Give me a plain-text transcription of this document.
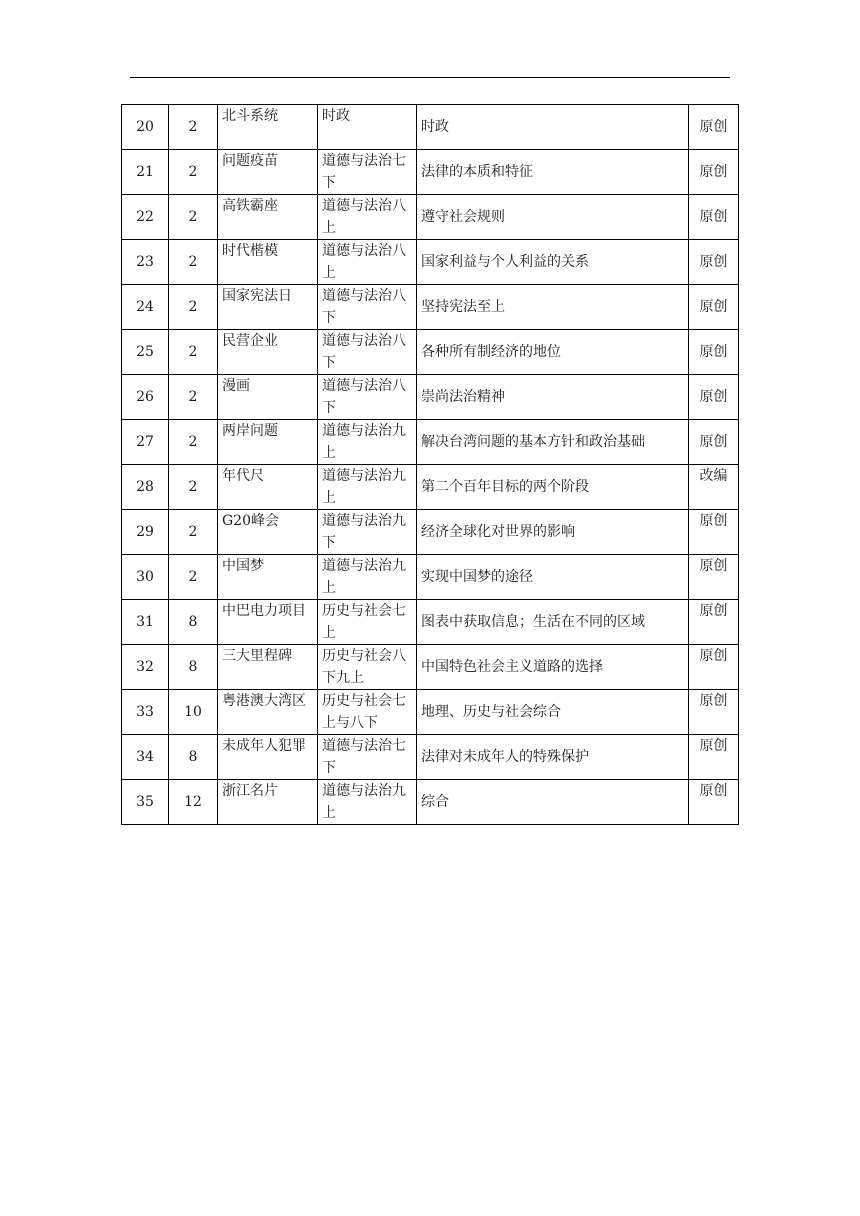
20	2	北斗系统	时政	时政	原创
21	2	问题疫苗	道德与法治七下	法律的本质和特征	原创
22	2	高铁霸座	道德与法治八上	遵守社会规则	原创
23	2	时代楷模	道德与法治八上	国家利益与个人利益的关系	原创
24	2	国家宪法日	道德与法治八下	坚持宪法至上	原创
25	2	民营企业	道德与法治八下	各种所有制经济的地位	原创
26	2	漫画	道德与法治八下	崇尚法治精神	原创
27	2	两岸问题	道德与法治九上	解决台湾问题的基本方针和政治基础	原创
28	2	年代尺	道德与法治九上	第二个百年目标的两个阶段	改编
29	2	G20峰会	道德与法治九下	经济全球化对世界的影响	原创
30	2	中国梦	道德与法治九上	实现中国梦的途径	原创
31	8	中巴电力项目	历史与社会七上	图表中获取信息；生活在不同的区域	原创
32	8	三大里程碑	历史与社会八下九上	中国特色社会主义道路的选择	原创
33	10	粤港澳大湾区	历史与社会七上与八下	地理、历史与社会综合	原创
34	8	未成年人犯罪	道德与法治七下	法律对未成年人的特殊保护	原创
35	12	浙江名片	道德与法治九上	综合	原创
